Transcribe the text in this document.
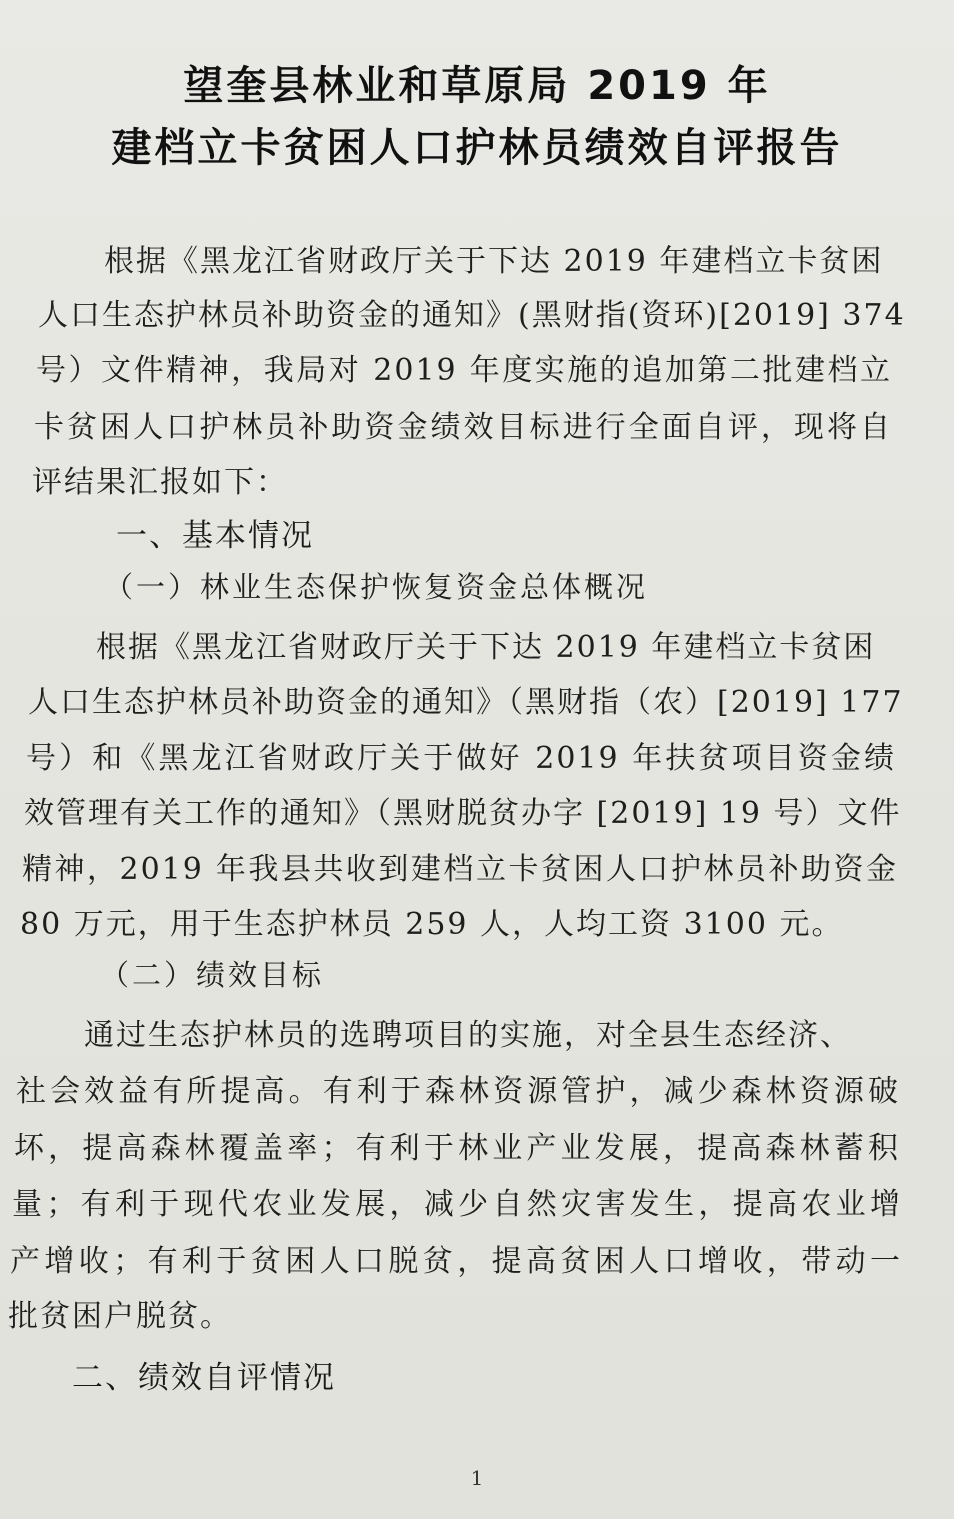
望奎县林业和草原局 2019 年
建档立卡贫困人口护林员绩效自评报告
根据《黑龙江省财政厅关于下达 2019 年建档立卡贫困
人口生态护林员补助资金的通知》(黑财指(资环)[2019] 374
号）文件精神，我局对 2019 年度实施的追加第二批建档立
卡贫困人口护林员补助资金绩效目标进行全面自评，现将自
评结果汇报如下：
一、基本情况
（一）林业生态保护恢复资金总体概况
根据《黑龙江省财政厅关于下达 2019 年建档立卡贫困
人口生态护林员补助资金的通知》（黑财指（农）[2019] 177
号）和《黑龙江省财政厅关于做好 2019 年扶贫项目资金绩
效管理有关工作的通知》（黑财脱贫办字 [2019] 19 号）文件
精神，2019 年我县共收到建档立卡贫困人口护林员补助资金
80 万元，用于生态护林员 259 人，人均工资 3100 元。
（二）绩效目标
通过生态护林员的选聘项目的实施，对全县生态经济、
社会效益有所提高。有利于森林资源管护，减少森林资源破
坏，提高森林覆盖率；有利于林业产业发展，提高森林蓄积
量；有利于现代农业发展，减少自然灾害发生，提高农业增
产增收；有利于贫困人口脱贫，提高贫困人口增收，带动一
批贫困户脱贫。
二、绩效自评情况
1
